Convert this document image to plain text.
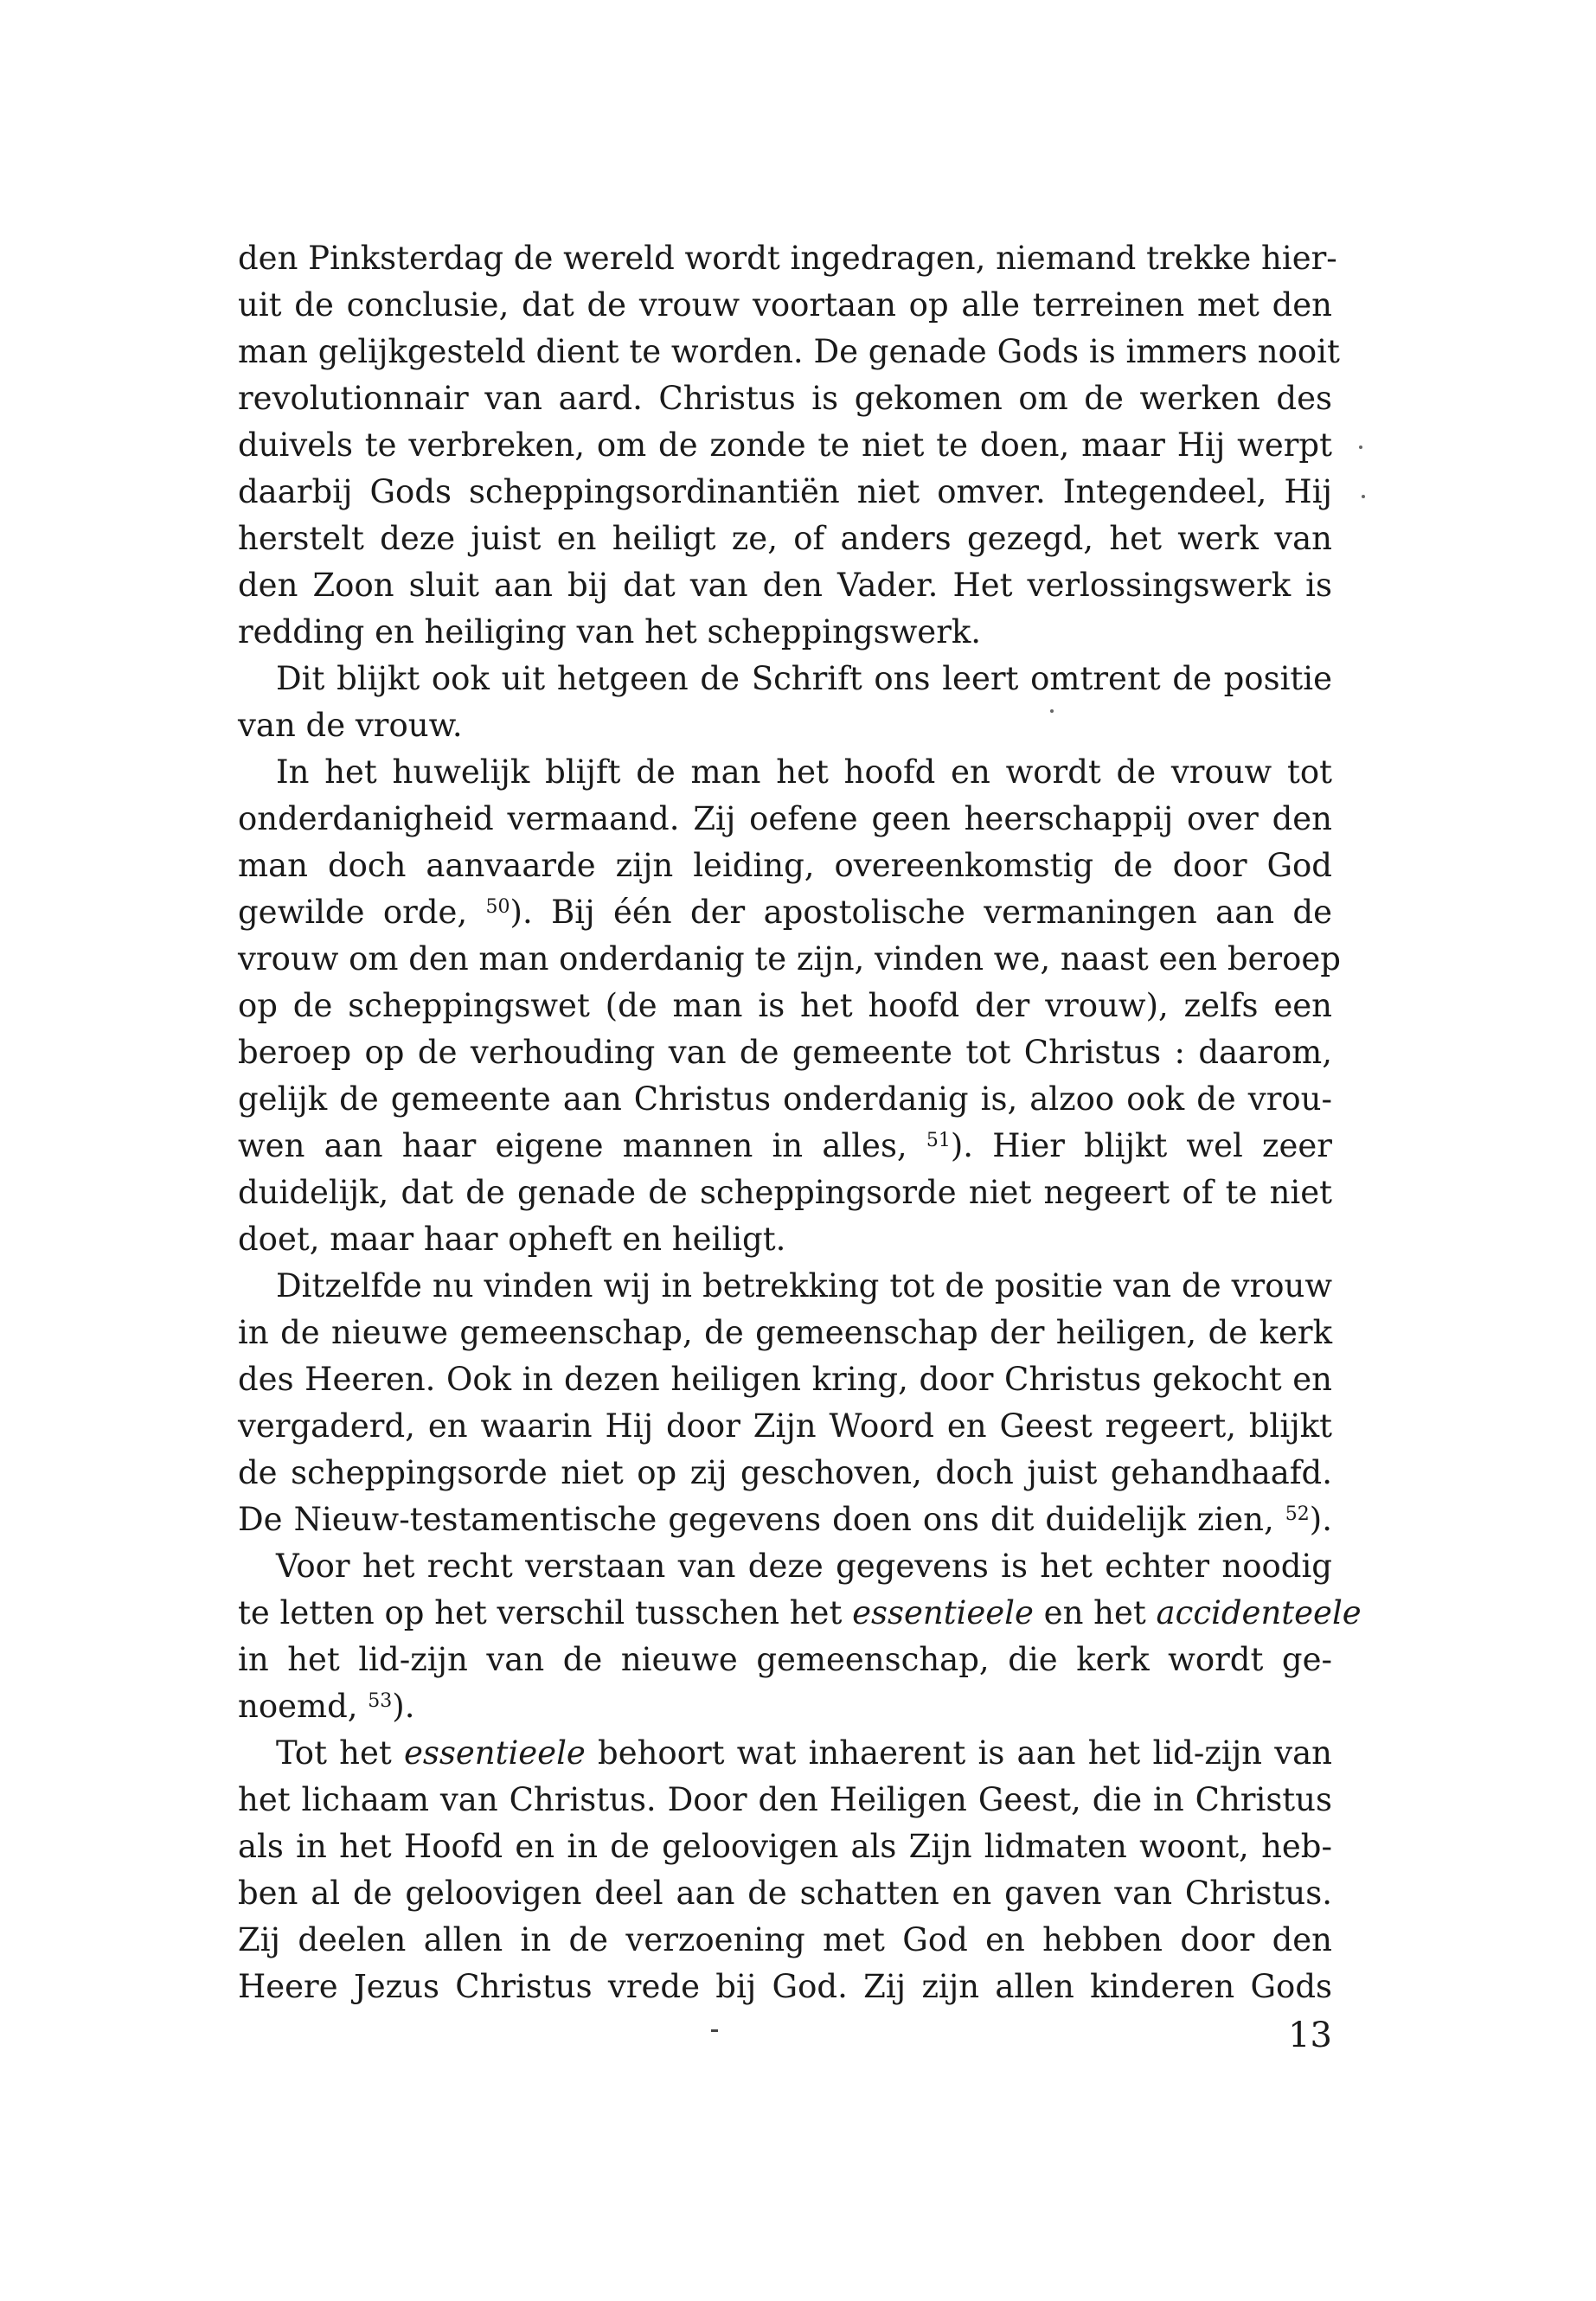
den Pinksterdag de wereld wordt ingedragen, niemand trekke hier-
uit de conclusie, dat de vrouw voortaan op alle terreinen met den
man gelijkgesteld dient te worden. De genade Gods is immers nooit
revolutionnair van aard. Christus is gekomen om de werken des
duivels te verbreken, om de zonde te niet te doen, maar Hij werpt
daarbij Gods scheppingsordinantiën niet omver. Integendeel, Hij
herstelt deze juist en heiligt ze, of anders gezegd, het werk van
den Zoon sluit aan bij dat van den Vader. Het verlossingswerk is
redding en heiliging van het scheppingswerk.
Dit blijkt ook uit hetgeen de Schrift ons leert omtrent de positie
van de vrouw.
In het huwelijk blijft de man het hoofd en wordt de vrouw tot
onderdanigheid vermaand. Zij oefene geen heerschappij over den
man doch aanvaarde zijn leiding, overeenkomstig de door God
gewilde orde, $^{50}$). Bij één der apostolische vermaningen aan de
vrouw om den man onderdanig te zijn, vinden we, naast een beroep
op de scheppingswet (de man is het hoofd der vrouw), zelfs een
beroep op de verhouding van de gemeente tot Christus : daarom,
gelijk de gemeente aan Christus onderdanig is, alzoo ook de vrou-
wen aan haar eigene mannen in alles, $^{51}$). Hier blijkt wel zeer
duidelijk, dat de genade de scheppingsorde niet negeert of te niet
doet, maar haar opheft en heiligt.
Ditzelfde nu vinden wij in betrekking tot de positie van de vrouw
in de nieuwe gemeenschap, de gemeenschap der heiligen, de kerk
des Heeren. Ook in dezen heiligen kring, door Christus gekocht en
vergaderd, en waarin Hij door Zijn Woord en Geest regeert, blijkt
de scheppingsorde niet op zij geschoven, doch juist gehandhaafd.
De Nieuw-testamentische gegevens doen ons dit duidelijk zien, $^{52}$).
Voor het recht verstaan van deze gegevens is het echter noodig
te letten op het verschil tusschen het essentieele en het accidenteele
in het lid-zijn van de nieuwe gemeenschap, die kerk wordt ge-
noemd, $^{53}$).
Tot het essentieele behoort wat inhaerent is aan het lid-zijn van
het lichaam van Christus. Door den Heiligen Geest, die in Christus
als in het Hoofd en in de geloovigen als Zijn lidmaten woont, heb-
ben al de geloovigen deel aan de schatten en gaven van Christus.
Zij deelen allen in de verzoening met God en hebben door den
Heere Jezus Christus vrede bij God. Zij zijn allen kinderen Gods
13
